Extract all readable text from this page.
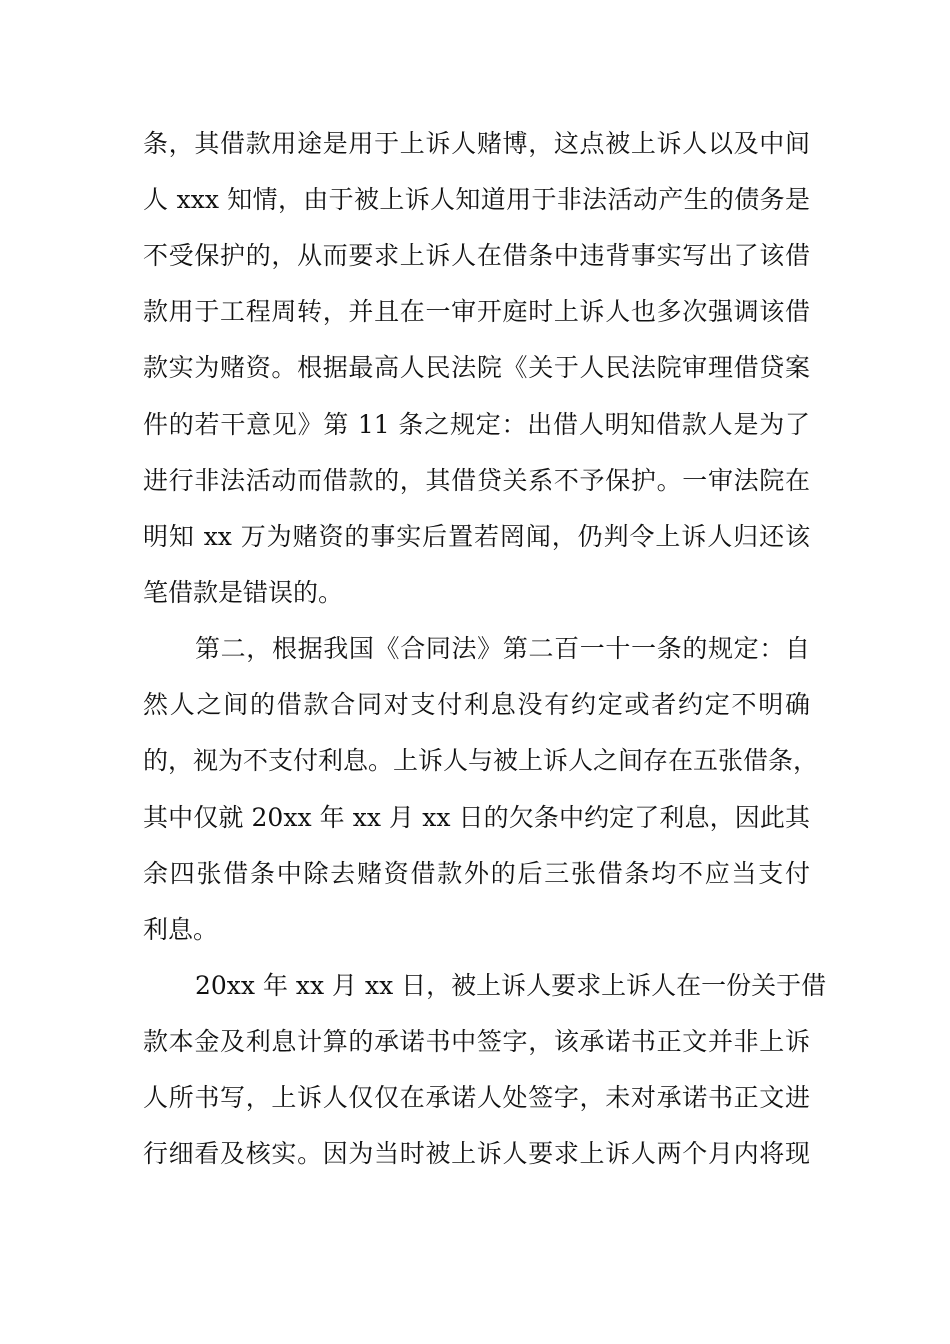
条，其借款用途是用于上诉人赌博，这点被上诉人以及中间
人 xxx 知情，由于被上诉人知道用于非法活动产生的债务是
不受保护的，从而要求上诉人在借条中违背事实写出了该借
款用于工程周转，并且在一审开庭时上诉人也多次强调该借
款实为赌资。根据最高人民法院《关于人民法院审理借贷案
件的若干意见》第 11 条之规定：出借人明知借款人是为了
进行非法活动而借款的，其借贷关系不予保护。一审法院在
明知 xx 万为赌资的事实后置若罔闻，仍判令上诉人归还该
笔借款是错误的。
第二，根据我国《合同法》第二百一十一条的规定：自
然人之间的借款合同对支付利息没有约定或者约定不明确
的，视为不支付利息。上诉人与被上诉人之间存在五张借条，
其中仅就 20xx 年 xx 月 xx 日的欠条中约定了利息，因此其
余四张借条中除去赌资借款外的后三张借条均不应当支付
利息。
20xx 年 xx 月 xx 日，被上诉人要求上诉人在一份关于借
款本金及利息计算的承诺书中签字，该承诺书正文并非上诉
人所书写，上诉人仅仅在承诺人处签字，未对承诺书正文进
行细看及核实。因为当时被上诉人要求上诉人两个月内将现
